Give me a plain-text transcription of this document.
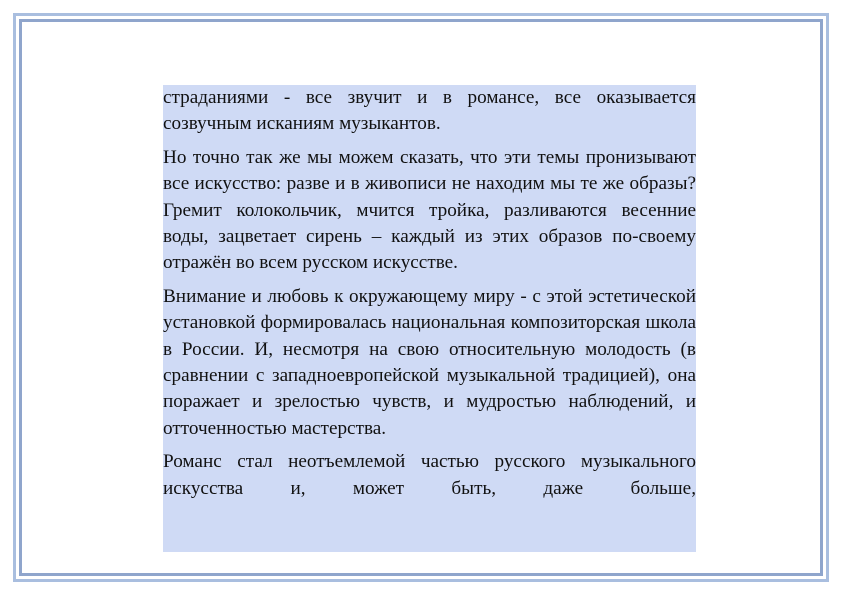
страданиями - все звучит и в романсе, все оказывается созвучным исканиям музыкантов.

Но точно так же мы можем сказать, что эти темы пронизывают все искусство: разве и в живописи не находим мы те же образы? Гремит колокольчик, мчится тройка, разливаются весенние воды, зацветает сирень – каждый из этих образов по-своему отражён во всем русском искусстве.

Внимание и любовь к окружающему миру - с этой эстетической установкой формировалась национальная композиторская школа в России. И, несмотря на свою относительную молодость (в сравнении с западноевропейской музыкальной традицией), она поражает и зрелостью чувств, и мудростью наблюдений, и отточенностью мастерства.

Романс стал неотъемлемой частью русского музыкального искусства и, может быть, даже больше,
